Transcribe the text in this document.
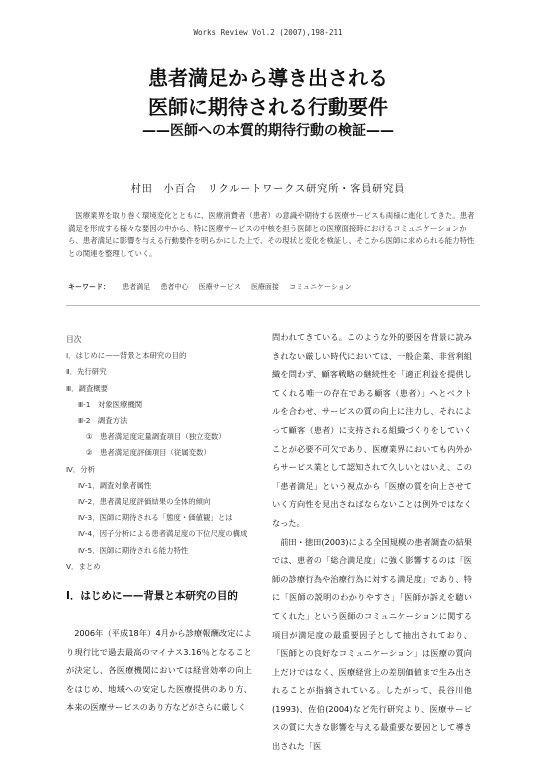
Works Review Vol.2 (2007),198-211
患者満足から導き出される
医師に期待される行動要件
——医師への本質的期待行動の検証——
村田　小百合　リクルートワークス研究所・客員研究員
医療業界を取り巻く環境変化とともに、医療消費者（患者）の意識や期待する医療サービスも両様に進化してきた。患者満足を形成する様々な要因の中から、特に医療サービスの中核を担う医師との医療面接時におけるコミュニケーションから、患者満足に影響を与える行動要件を明らかにした上で、その現状と変化を検証し、そこから医師に求められる能力特性との関連を整理していく。
キーワード： 患者満足 患者中心 医療サービス 医療面接 コミュニケーション
目次
Ⅰ．はじめに——背景と本研究の目的
Ⅱ．先行研究
Ⅲ．調査概要
Ⅲ-1　対象医療機関
Ⅲ-2　調査方法
①　患者満足度定量調査項目（独立変数）
②　患者満足度評価項目（従属変数）
Ⅳ．分析
Ⅳ-1．調査対象者属性
Ⅳ-2．患者満足度評価結果の全体的傾向
Ⅳ-3．医師に期待される「態度・価値観」とは
Ⅳ-4．因子分析による患者満足度の下位尺度の構成
Ⅳ-5．医師に期待される能力特性
Ⅴ．まとめ
Ⅰ．はじめに——背景と本研究の目的
2006年（平成18年）4月から診療報酬改定により現行比で過去最高のマイナス3.16％となることが決定し、各医療機関においては経営効率の向上をはじめ、地域への安定した医療提供のあり方、本来の医療サービスのあり方などがさらに厳しく

問われてきている。このような外的要因を背景に読みきれない厳しい時代においては、一般企業、非営利組織を問わず、顧客戦略の継続性を「適正利益を提供してくれる唯一の存在である顧客（患者）」へとベクトルを合わせ、サービスの質の向上に注力し、それによって顧客（患者）に支持される組織づくりをしていくことが必要不可欠であり、医療業界においても内外からサービス業として認知されて久しいとはいえ、この「患者満足」という視点から「医療の質を向上させていく方向性を見出さねばならないことは例外ではなくなった。

前田・徳田(2003)による全国規模の患者調査の結果では、患者の「総合満足度」に強く影響するのは「医師の診療行為や治療行為に対する満足度」であり、特に「医師の説明のわかりやすさ」「医師が訴えを聴いてくれた」という医師のコミュニケーションに関する項目が満足度の最重要因子として抽出されており、「医師との良好なコミュニケーション」は医療の質向上だけではなく、医療経営上の差別価値まで生み出されることが指摘されている。したがって、長谷川他(1993)、佐伯(2004)など先行研究より、医療サービスの質に大きな影響を与える最重要な要因として導き出された「医
